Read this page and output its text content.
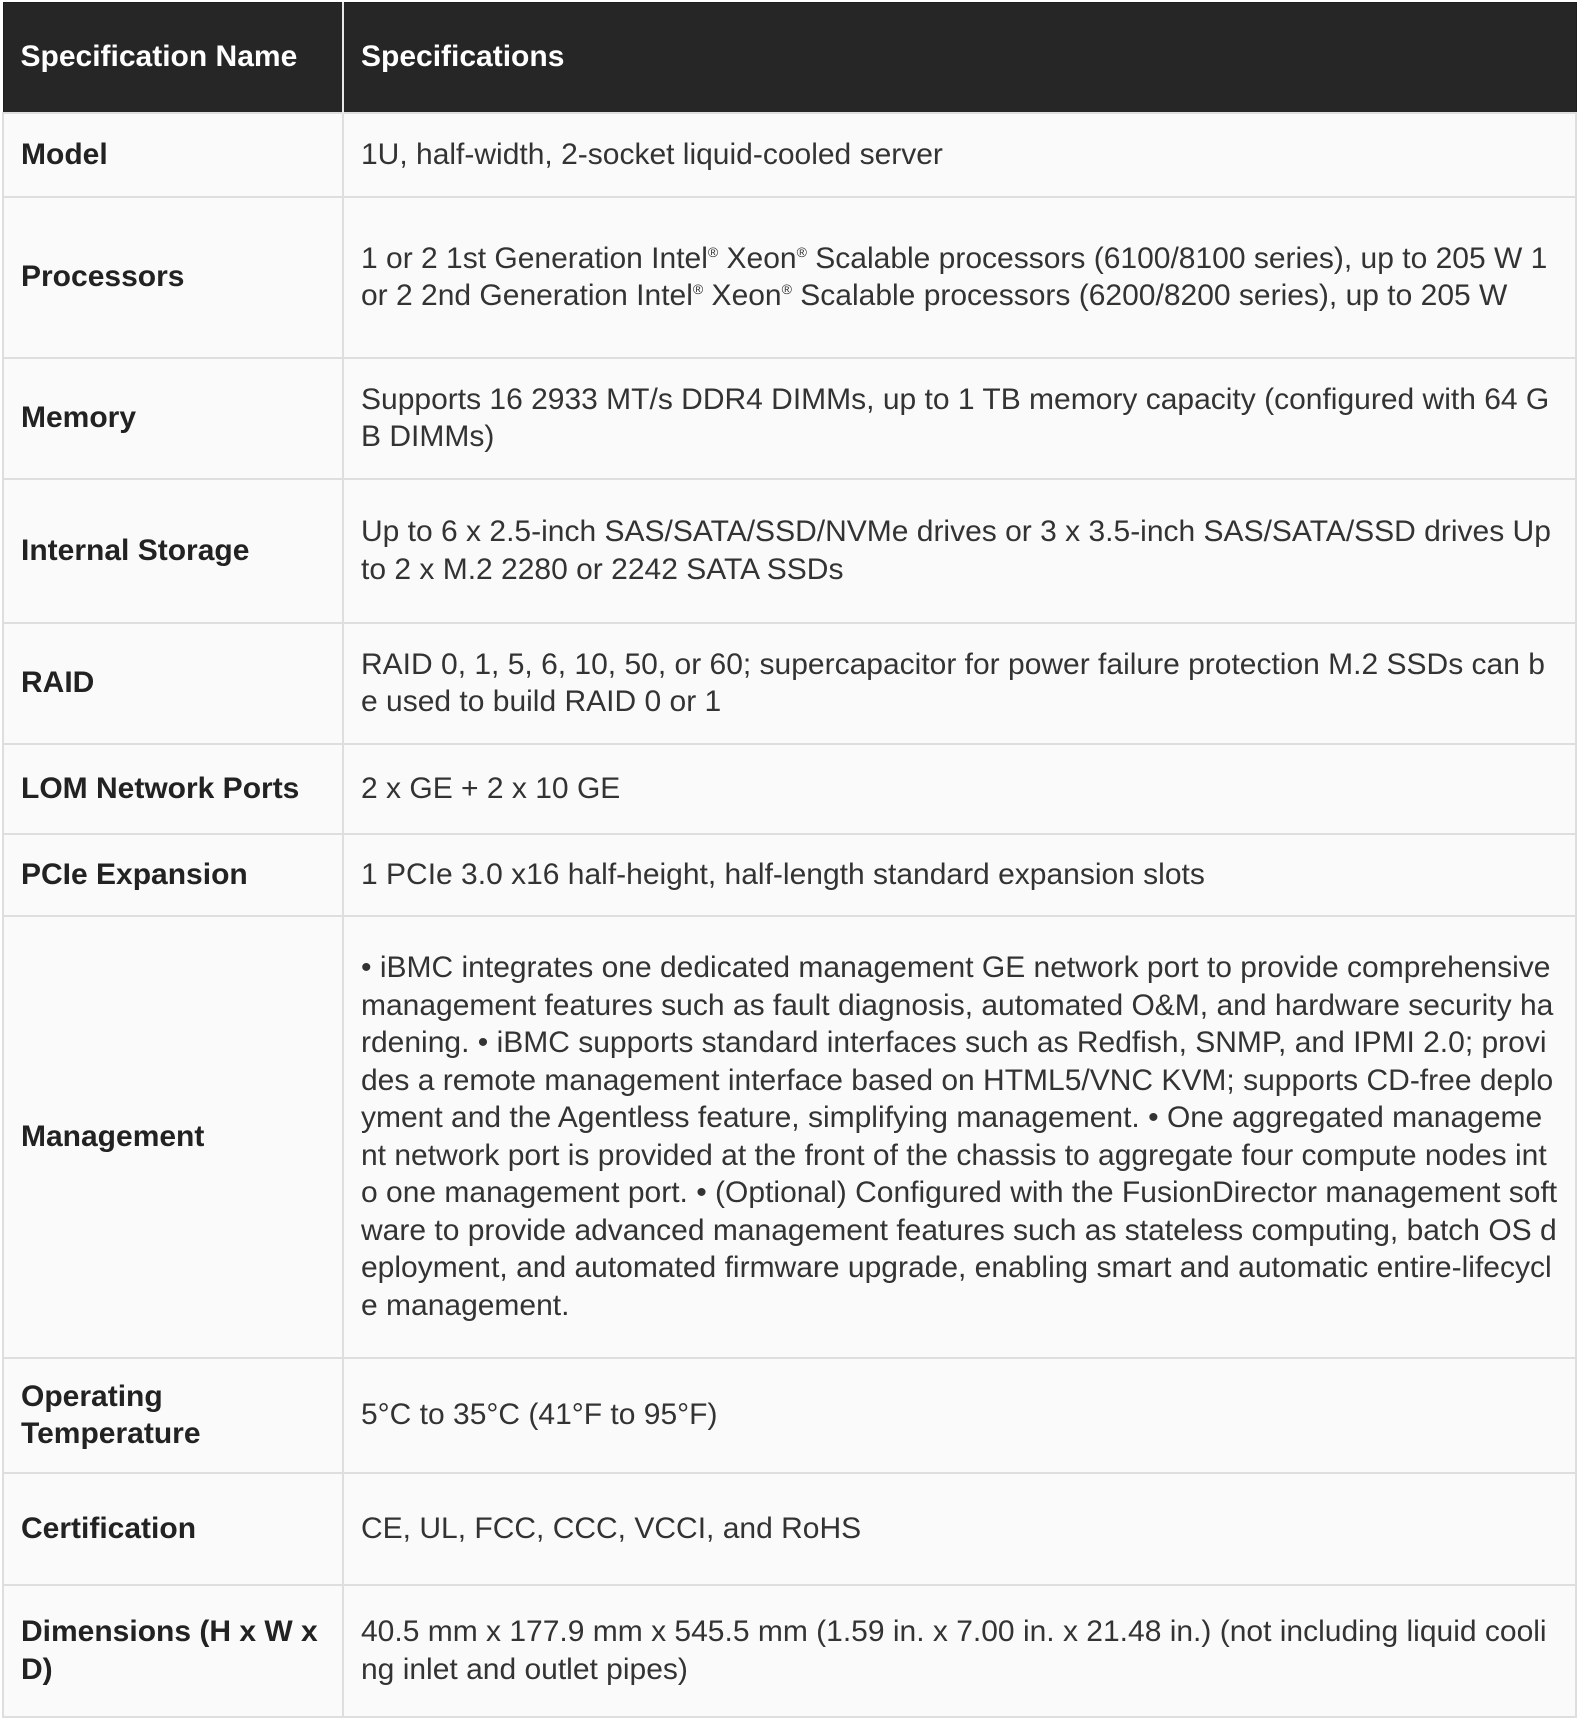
Specification Name	Specifications
Model	1U, half-width, 2-socket liquid-cooled server
Processors	1 or 2 1st Generation Intel® Xeon® Scalable processors (6100/8100 series), up to 205 W 1 or 2 2nd Generation Intel® Xeon® Scalable processors (6200/8200 series), up to 205 W
Memory	Supports 16 2933 MT/s DDR4 DIMMs, up to 1 TB memory capacity (configured with 64 GB DIMMs)
Internal Storage	Up to 6 x 2.5-inch SAS/SATA/SSD/NVMe drives or 3 x 3.5-inch SAS/SATA/SSD drives Up to 2 x M.2 2280 or 2242 SATA SSDs
RAID	RAID 0, 1, 5, 6, 10, 50, or 60; supercapacitor for power failure protection M.2 SSDs can be used to build RAID 0 or 1
LOM Network Ports	2 x GE + 2 x 10 GE
PCIe Expansion	1 PCIe 3.0 x16 half-height, half-length standard expansion slots
Management	• iBMC integrates one dedicated management GE network port to provide comprehensive management features such as fault diagnosis, automated O&M, and hardware security hardening. • iBMC supports standard interfaces such as Redfish, SNMP, and IPMI 2.0; provides a remote management interface based on HTML5/VNC KVM; supports CD-free deployment and the Agentless feature, simplifying management. • One aggregated management network port is provided at the front of the chassis to aggregate four compute nodes into one management port. • (Optional) Configured with the FusionDirector management software to provide advanced management features such as stateless computing, batch OS deployment, and automated firmware upgrade, enabling smart and automatic entire-lifecycle management.
Operating Temperature	5°C to 35°C (41°F to 95°F)
Certification	CE, UL, FCC, CCC, VCCI, and RoHS
Dimensions (H x W x D)	40.5 mm x 177.9 mm x 545.5 mm (1.59 in. x 7.00 in. x 21.48 in.) (not including liquid cooling inlet and outlet pipes)
